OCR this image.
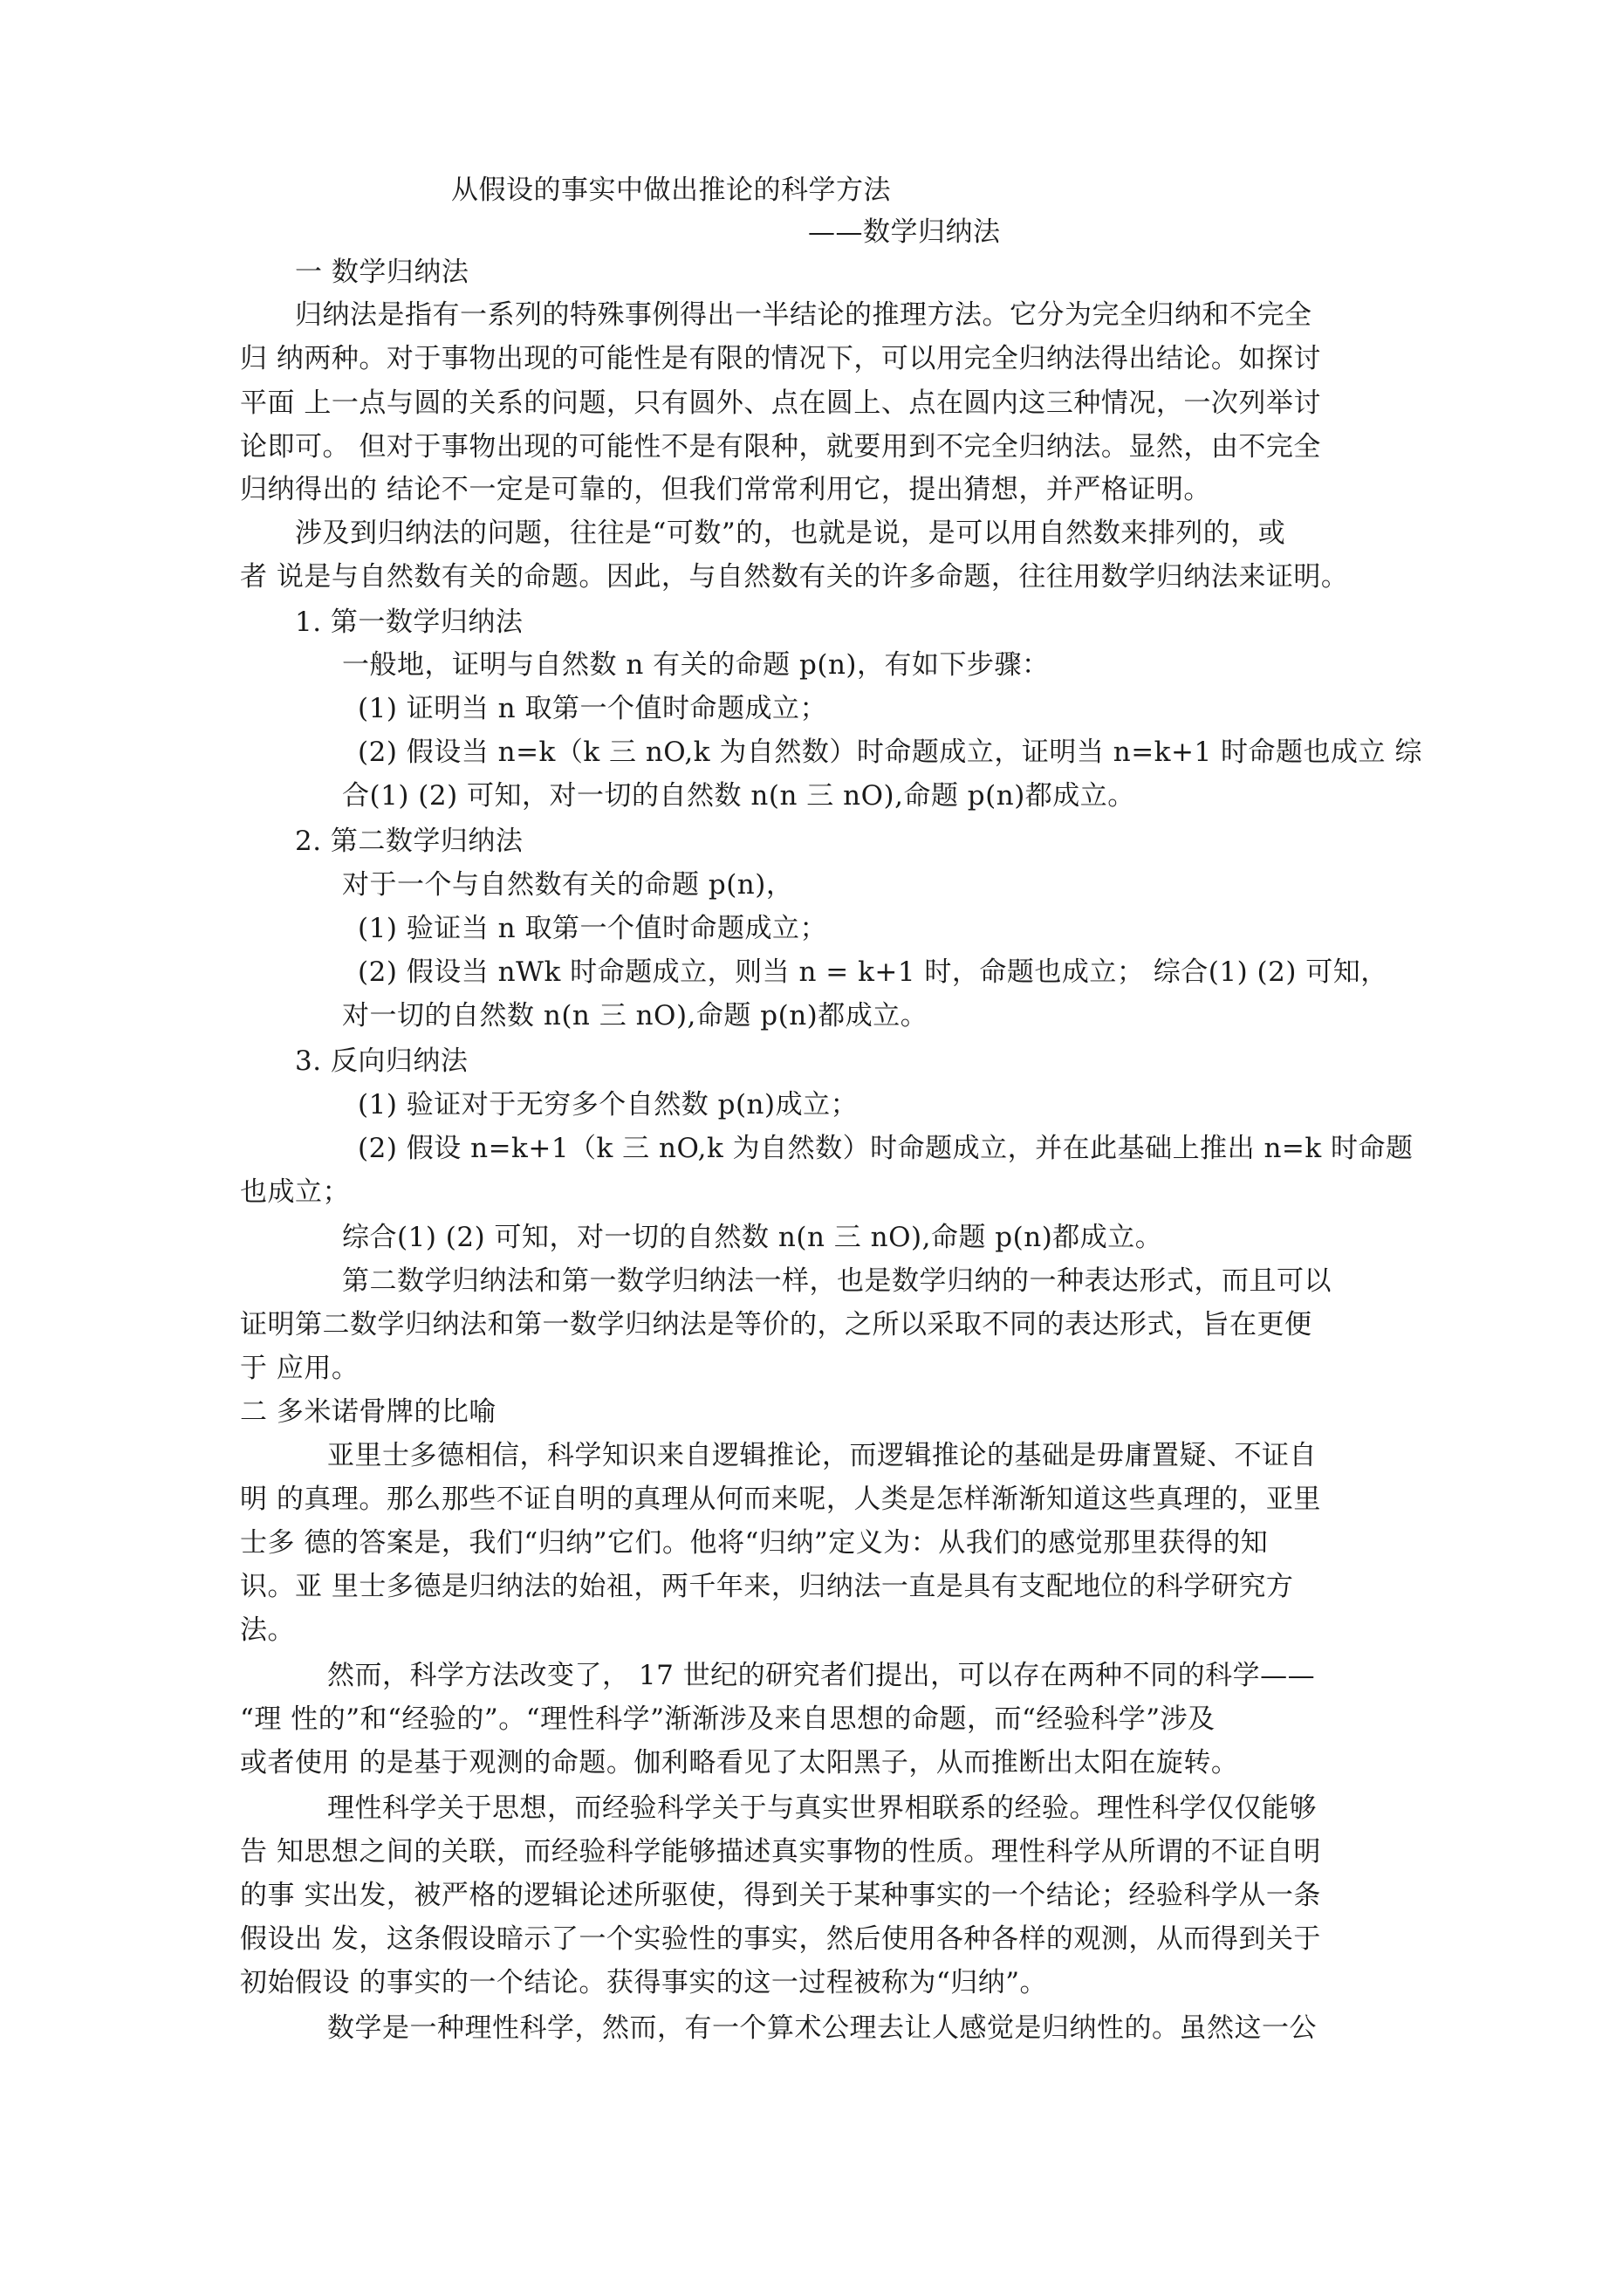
从假设的事实中做出推论的科学方法
——数学归纳法
一 数学归纳法
归纳法是指有一系列的特殊事例得出一半结论的推理方法。它分为完全归纳和不完全
归 纳两种。对于事物出现的可能性是有限的情况下，可以用完全归纳法得出结论。如探讨
平面 上一点与圆的关系的问题，只有圆外、点在圆上、点在圆内这三种情况，一次列举讨
论即可。 但对于事物出现的可能性不是有限种，就要用到不完全归纳法。显然，由不完全
归纳得出的 结论不一定是可靠的，但我们常常利用它，提出猜想，并严格证明。
涉及到归纳法的问题，往往是“可数”的，也就是说，是可以用自然数来排列的，或
者 说是与自然数有关的命题。因此，与自然数有关的许多命题，往往用数学归纳法来证明。
1. 第一数学归纳法
一般地，证明与自然数 n 有关的命题 p(n)，有如下步骤：
(1) 证明当 n 取第一个值时命题成立；
(2) 假设当 n=k（k 三 nO,k 为自然数）时命题成立，证明当 n=k+1 时命题也成立 综
合(1) (2) 可知，对一切的自然数 n(n 三 nO),命题 p(n)都成立。
2. 第二数学归纳法
对于一个与自然数有关的命题 p(n)，
(1) 验证当 n 取第一个值时命题成立；
(2) 假设当 nWk 时命题成立，则当 n = k+1 时，命题也成立； 综合(1) (2) 可知，
对一切的自然数 n(n 三 nO),命题 p(n)都成立。
3. 反向归纳法
(1) 验证对于无穷多个自然数 p(n)成立；
(2) 假设 n=k+1（k 三 nO,k 为自然数）时命题成立，并在此基础上推出 n=k 时命题
也成立；
综合(1) (2) 可知，对一切的自然数 n(n 三 nO),命题 p(n)都成立。
第二数学归纳法和第一数学归纳法一样，也是数学归纳的一种表达形式，而且可以
证明第二数学归纳法和第一数学归纳法是等价的，之所以采取不同的表达形式，旨在更便
于 应用。
二 多米诺骨牌的比喻
亚里士多德相信，科学知识来自逻辑推论，而逻辑推论的基础是毋庸置疑、不证自
明 的真理。那么那些不证自明的真理从何而来呢，人类是怎样渐渐知道这些真理的，亚里
士多 德的答案是，我们“归纳”它们。他将“归纳”定义为：从我们的感觉那里获得的知
识。亚 里士多德是归纳法的始祖，两千年来，归纳法一直是具有支配地位的科学研究方
法。
然而，科学方法改变了， 17 世纪的研究者们提出，可以存在两种不同的科学——
“理 性的”和“经验的”。“理性科学”渐渐涉及来自思想的命题，而“经验科学”涉及
或者使用 的是基于观测的命题。伽利略看见了太阳黑子，从而推断出太阳在旋转。
理性科学关于思想，而经验科学关于与真实世界相联系的经验。理性科学仅仅能够
告 知思想之间的关联，而经验科学能够描述真实事物的性质。理性科学从所谓的不证自明
的事 实出发，被严格的逻辑论述所驱使，得到关于某种事实的一个结论；经验科学从一条
假设出 发，这条假设暗示了一个实验性的事实，然后使用各种各样的观测，从而得到关于
初始假设 的事实的一个结论。获得事实的这一过程被称为“归纳”。
数学是一种理性科学，然而，有一个算术公理去让人感觉是归纳性的。虽然这一公
